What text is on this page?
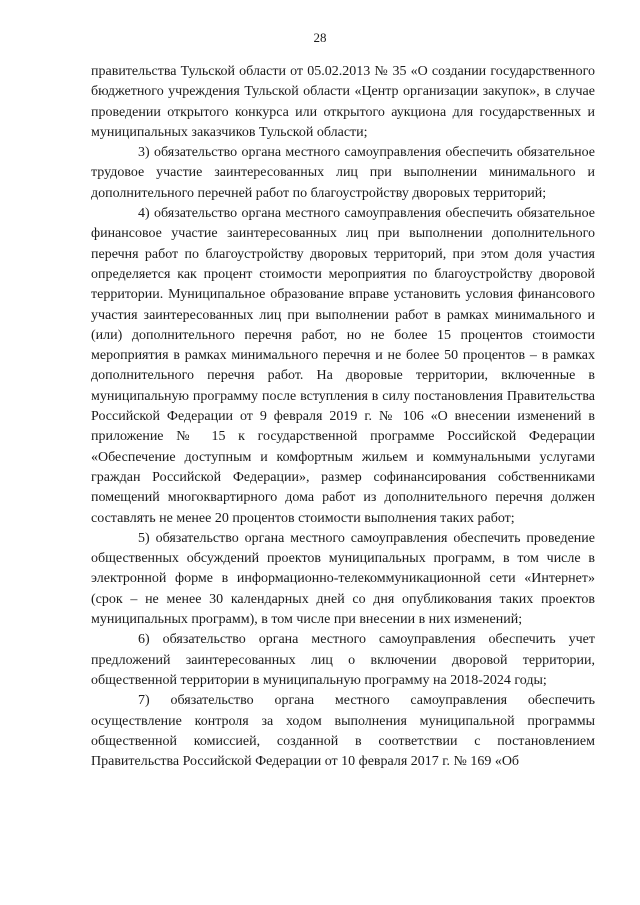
28

правительства Тульской области от 05.02.2013 № 35 «О создании государственного бюджетного учреждения Тульской области «Центр организации закупок», в случае проведении открытого конкурса или открытого аукциона для государственных и муниципальных заказчиков Тульской области;

3) обязательство органа местного самоуправления обеспечить обязательное трудовое участие заинтересованных лиц при выполнении минимального и дополнительного перечней работ по благоустройству дворовых территорий;

4) обязательство органа местного самоуправления обеспечить обязательное финансовое участие заинтересованных лиц при выполнении дополнительного перечня работ по благоустройству дворовых территорий, при этом доля участия определяется как процент стоимости мероприятия по благоустройству дворовой территории. Муниципальное образование вправе установить условия финансового участия заинтересованных лиц при выполнении работ в рамках минимального и (или) дополнительного перечня работ, но не более 15 процентов стоимости мероприятия в рамках минимального перечня и не более 50 процентов – в рамках дополнительного перечня работ. На дворовые территории, включенные в муниципальную программу после вступления в силу постановления Правительства Российской Федерации от 9 февраля 2019 г. № 106 «О внесении изменений в приложение № 15 к государственной программе Российской Федерации «Обеспечение доступным и комфортным жильем и коммунальными услугами граждан Российской Федерации», размер софинансирования собственниками помещений многоквартирного дома работ из дополнительного перечня должен составлять не менее 20 процентов стоимости выполнения таких работ;

5) обязательство органа местного самоуправления обеспечить проведение общественных обсуждений проектов муниципальных программ, в том числе в электронной форме в информационно-телекоммуникационной сети «Интернет» (срок – не менее 30 календарных дней со дня опубликования таких проектов муниципальных программ), в том числе при внесении в них изменений;

6) обязательство органа местного самоуправления обеспечить учет предложений заинтересованных лиц о включении дворовой территории, общественной территории в муниципальную программу на 2018-2024 годы;

7) обязательство органа местного самоуправления обеспечить осуществление контроля за ходом выполнения муниципальной программы общественной комиссией, созданной в соответствии с постановлением Правительства Российской Федерации от 10 февраля 2017 г. № 169 «Об
